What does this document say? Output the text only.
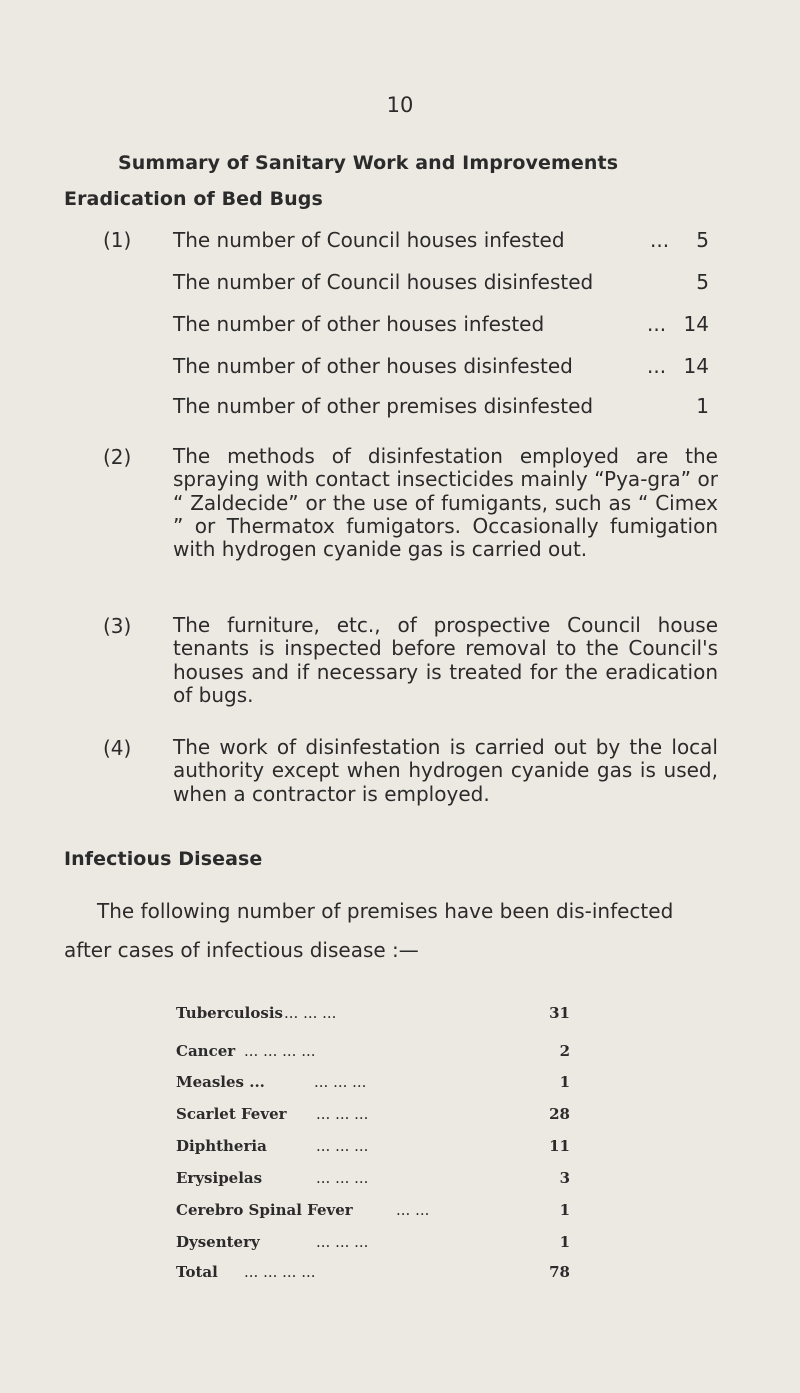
10
Summary of Sanitary Work and Improvements
Eradication of Bed Bugs
(1) The number of Council houses infested	... 5
The number of Council houses disinfested	5
The number of other houses infested	... 14
The number of other houses disinfested	... 14
The number of other premises disinfested	1
(2) The methods of disinfestation employed are the spraying with contact insecticides mainly “Pya-gra” or “ Zaldecide” or the use of fumigants, such as “ Cimex ” or Thermatox fumigators. Occasionally fumigation with hydrogen cyanide gas is carried out.
(3) The furniture, etc., of prospective Council house tenants is inspected before removal to the Council's houses and if necessary is treated for the eradication of bugs.
(4) The work of disinfestation is carried out by the local authority except when hydrogen cyanide gas is used, when a contractor is employed.
Infectious Disease
The following number of premises have been dis-infected after cases of infectious disease :—
Tuberculosis ... ... ...	31
Cancer ... ... ... ...	2
Measles ...	... ... ...	1
Scarlet Fever ... ... ...	28
Diphtheria	... ... ...	11
Erysipelas	... ... ...	3
Cerebro Spinal Fever	... ...	1
Dysentery	... ... ...	1
Total ... ... ... ...	78
